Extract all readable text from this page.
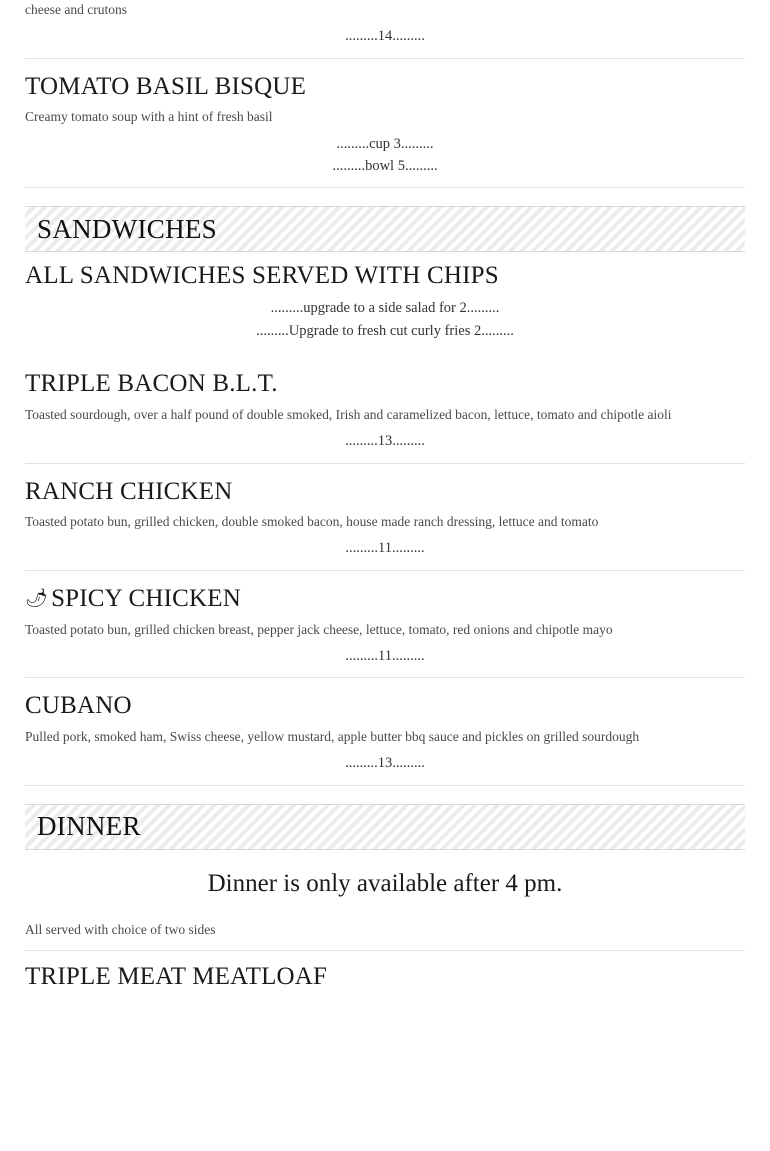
cheese and crutons
.........14.........
TOMATO BASIL BISQUE
Creamy tomato soup with a hint of fresh basil
.........cup 3.........
.........bowl 5.........
SANDWICHES
ALL SANDWICHES SERVED WITH CHIPS
.........upgrade to a side salad for 2.........
.........Upgrade to fresh cut curly fries 2.........
TRIPLE BACON B.L.T.
Toasted sourdough, over a half pound of double smoked, Irish and caramelized bacon, lettuce, tomato and chipotle aioli
.........13.........
RANCH CHICKEN
Toasted potato bun, grilled chicken, double smoked bacon, house made ranch dressing, lettuce and tomato
.........11.........
🌶 SPICY CHICKEN
Toasted potato bun, grilled chicken breast, pepper jack cheese, lettuce, tomato, red onions and chipotle mayo
.........11.........
CUBANO
Pulled pork, smoked ham, Swiss cheese, yellow mustard, apple butter bbq sauce and pickles on grilled sourdough
.........13.........
DINNER
Dinner is only available after 4 pm.
All served with choice of two sides
TRIPLE MEAT MEATLOAF
